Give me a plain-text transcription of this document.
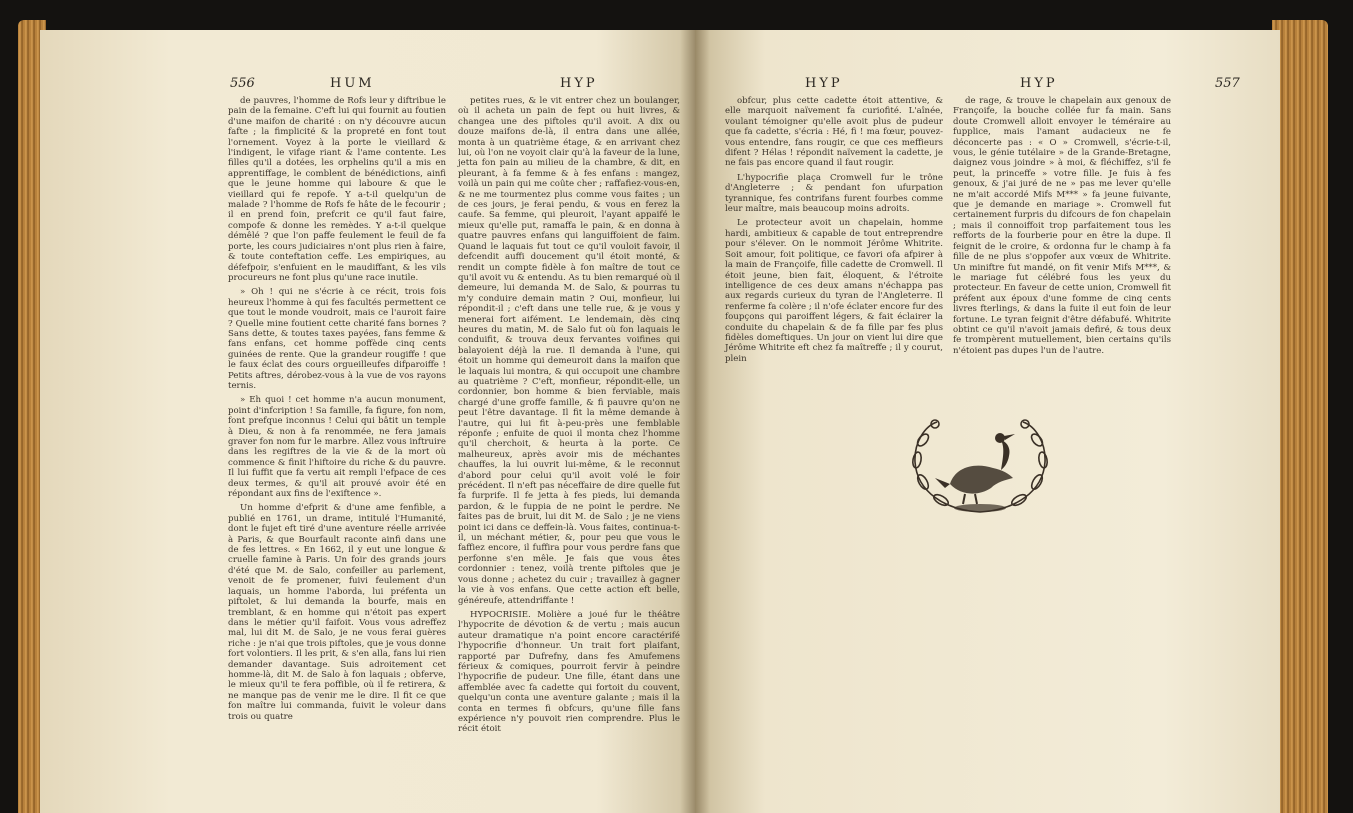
556	HUM	HYP

de pauvres, l'homme de Rofs leur y diftribue le pain de la femaine. C'eft lui qui fournit au foutien d'une maifon de charité : on n'y découvre aucun fafte ; la fimplicité & la propreté en font tout l'ornement. Voyez à la porte le vieillard & l'indigent, le vifage riant & l'ame contente. Les filles qu'il a dotées, les orphelins qu'il a mis en apprentiffage, le comblent de bénédictions, ainfi que le jeune homme qui laboure & que le vieillard qui fe repofe. Y a-t-il quelqu'un de malade ? l'homme de Rofs fe hâte de le fecourir ; il en prend foin, prefcrit ce qu'il faut faire, compofe & donne les remèdes. Y a-t-il quelque démêlé ? que l'on paffe feulement le feuil de fa porte, les cours judiciaires n'ont plus rien à faire, & toute conteftation ceffe. Les empiriques, au défefpoir, s'enfuient en le maudiffant, & les vils procureurs ne font plus qu'une race inutile.

» Oh ! qui ne s'écrie à ce récit, trois fois heureux l'homme à qui fes facultés permettent ce que tout le monde voudroit, mais ce l'auroit faire ? Quelle mine foutient cette charité fans bornes ? Sans dette, & toutes taxes payées, fans femme & fans enfans, cet homme poffède cinq cents guinées de rente. Que la grandeur rougiffe ! que le faux éclat des cours orgueilleufes difparoiffe ! Petits aftres, dérobez-vous à la vue de vos rayons ternis.

» Eh quoi ! cet homme n'a aucun monument, point d'infcription ! Sa famille, fa figure, fon nom, font prefque inconnus ! Celui qui bâtit un temple à Dieu, & non à fa renommée, ne fera jamais graver fon nom fur le marbre. Allez vous inftruire dans les regiftres de la vie & de la mort où commence & finit l'hiftoire du riche & du pauvre. Il lui fuffit que fa vertu ait rempli l'efpace de ces deux termes, & qu'il ait prouvé avoir été en répondant aux fins de l'exiftence ».

Un homme d'efprit & d'une ame fenfible, a publié en 1761, un drame, intitulé l'Humanité, dont le fujet eft tiré d'une aventure réelle arrivée à Paris, & que Bourfault raconte ainfi dans une de fes lettres. « En 1662, il y eut une longue & cruelle famine à Paris. Un foir des grands jours d'été que M. de Salo, confeiller au parlement, venoit de fe promener, fuivi feulement d'un laquais, un homme l'aborda, lui préfenta un piftolet, & lui demanda la bourfe, mais en tremblant, & en homme qui n'étoit pas expert dans le métier qu'il faifoit. Vous vous adreffez mal, lui dit M. de Salo, je ne vous ferai guères riche : je n'ai que trois piftoles, que je vous donne fort volontiers. Il les prit, & s'en alla, fans lui rien demander davantage. Suis adroitement cet homme-là, dit M. de Salo à fon laquais ; obferve, le mieux qu'il te fera poffible, où il fe retirera, & ne manque pas de venir me le dire. Il fit ce que fon maître lui commanda, fuivit le voleur dans trois ou quatre

petites rues, & le vit entrer chez un boulanger, où il acheta un pain de fept ou huit livres, & changea une des piftoles qu'il avoit. A dix ou douze maifons de-là, il entra dans une allée, monta à un quatrième étage, & en arrivant chez lui, où l'on ne voyoit clair qu'à la faveur de la lune, jetta fon pain au milieu de la chambre, & dit, en pleurant, à fa femme & à fes enfans : mangez, voilà un pain qui me coûte cher ; raffafiez-vous-en, & ne me tourmentez plus comme vous faites ; un de ces jours, je ferai pendu, & vous en ferez la caufe. Sa femme, qui pleuroit, l'ayant appaifé le mieux qu'elle put, ramaffa le pain, & en donna à quatre pauvres enfans qui languiffoient de faim. Quand le laquais fut tout ce qu'il vouloit favoir, il defcendit auffi doucement qu'il étoit monté, & rendit un compte fidèle à fon maître de tout ce qu'il avoit vu & entendu. As tu bien remarqué où il demeure, lui demanda M. de Salo, & pourras tu m'y conduire demain matin ? Oui, monfieur, lui répondit-il ; c'eft dans une telle rue, & je vous y menerai fort aifément. Le lendemain, dès cinq heures du matin, M. de Salo fut où fon laquais le conduifit, & trouva deux fervantes voifines qui balayoient déjà la rue. Il demanda à l'une, qui étoit un homme qui demeuroit dans la maifon que le laquais lui montra, & qui occupoit une chambre au quatrième ? C'eft, monfieur, répondit-elle, un cordonnier, bon homme & bien ferviable, mais chargé d'une groffe famille, & fi pauvre qu'on ne peut l'être davantage. Il fit la même demande à l'autre, qui lui fit à-peu-près une femblable réponfe ; enfuite de quoi il monta chez l'homme qu'il cherchoit, & heurta à la porte. Ce malheureux, après avoir mis de méchantes chauffes, la lui ouvrit lui-même, & le reconnut d'abord pour celui qu'il avoit volé le foir précédent. Il n'eft pas néceffaire de dire quelle fut fa furprife. Il fe jetta à fes pieds, lui demanda pardon, & le fuppia de ne point le perdre. Ne faites pas de bruit, lui dit M. de Salo ; je ne viens point ici dans ce deffein-là. Vous faites, continua-t-il, un méchant métier, &, pour peu que vous le faffiez encore, il fuffira pour vous perdre fans que perfonne s'en mêle. Je fais que vous êtes cordonnier : tenez, voilà trente piftoles que je vous donne ; achetez du cuir ; travaillez à gagner la vie à vos enfans. Que cette action eft belle, généreufe, attendriffante !

HYPOCRISIE. Molière a joué fur le théâtre l'hypocrite de dévotion & de vertu ; mais aucun auteur dramatique n'a point encore caractérifé l'hypocrifie d'honneur. Un trait fort plaifant, rapporté par Dufrefny, dans fes Amufemens férieux & comiques, pourroit fervir à peindre l'hypocrifie de pudeur. Une fille, étant dans une affemblée avec fa cadette qui fortoit du couvent, quelqu'un conta une aventure galante ; mais il la conta en termes fi obfcurs, qu'une fille fans expérience n'y pouvoit rien comprendre. Plus le récit étoit

HYP	HYP	557

obfcur, plus cette cadette étoit attentive, & elle marquoit naïvement fa curiofité. L'aînée, voulant témoigner qu'elle avoit plus de pudeur que fa cadette, s'écria : Hé, fi ! ma fœur, pouvez-vous entendre, fans rougir, ce que ces meffieurs difent ? Hélas ! répondit naïvement la cadette, je ne fais pas encore quand il faut rougir.

L'hypocrifie plaça Cromwell fur le trône d'Angleterre ; & pendant fon ufurpation tyrannique, fes contrifans furent fourbes comme leur maître, mais beaucoup moins adroits.

Le protecteur avoit un chapelain, homme hardi, ambitieux & capable de tout entreprendre pour s'élever. On le nommoit Jérôme Whitrite. Soit amour, foit politique, ce favori ofa afpirer à la main de Françoife, fille cadette de Cromwell. Il étoit jeune, bien fait, éloquent, & l'étroite intelligence de ces deux amans n'échappa pas aux regards curieux du tyran de l'Angleterre. Il renferme fa colère ; il n'ofe éclater encore fur des foupçons qui paroiffent légers, & fait éclairer la conduite du chapelain & de fa fille par fes plus fidèles domeftiques. Un jour on vient lui dire que Jérôme Whitrite eft chez fa maîtreffe ; il y courut, plein

de rage, & trouve le chapelain aux genoux de Françoife, la bouche collée fur fa main. Sans doute Cromwell alloit envoyer le téméraire au fupplice, mais l'amant audacieux ne fe déconcerte pas : « O » Cromwell, s'écrie-t-il, vous, le génie tutélaire » de la Grande-Bretagne, daignez vous joindre » à moi, & fléchiffez, s'il fe peut, la princeffe » votre fille. Je fuis à fes genoux, & j'ai juré de ne » pas me lever qu'elle ne m'ait accordé Mifs M*** » fa jeune fuivante, que je demande en mariage ». Cromwell fut certainement furpris du difcours de fon chapelain ; mais il connoiffoit trop parfaitement tous les refforts de la fourberie pour en être la dupe. Il feignit de le croire, & ordonna fur le champ à fa fille de ne plus s'oppofer aux vœux de Whitrite. Un miniftre fut mandé, on fit venir Mifs M***, & le mariage fut célébré fous les yeux du protecteur. En faveur de cette union, Cromwell fit préfent aux époux d'une fomme de cinq cents livres fterlings, & dans la fuite il eut foin de leur fortune. Le tyran feignit d'être défabufé. Whitrite obtint ce qu'il n'avoit jamais defiré, & tous deux fe trompèrent mutuellement, bien certains qu'ils n'étoient pas dupes l'un de l'autre.
